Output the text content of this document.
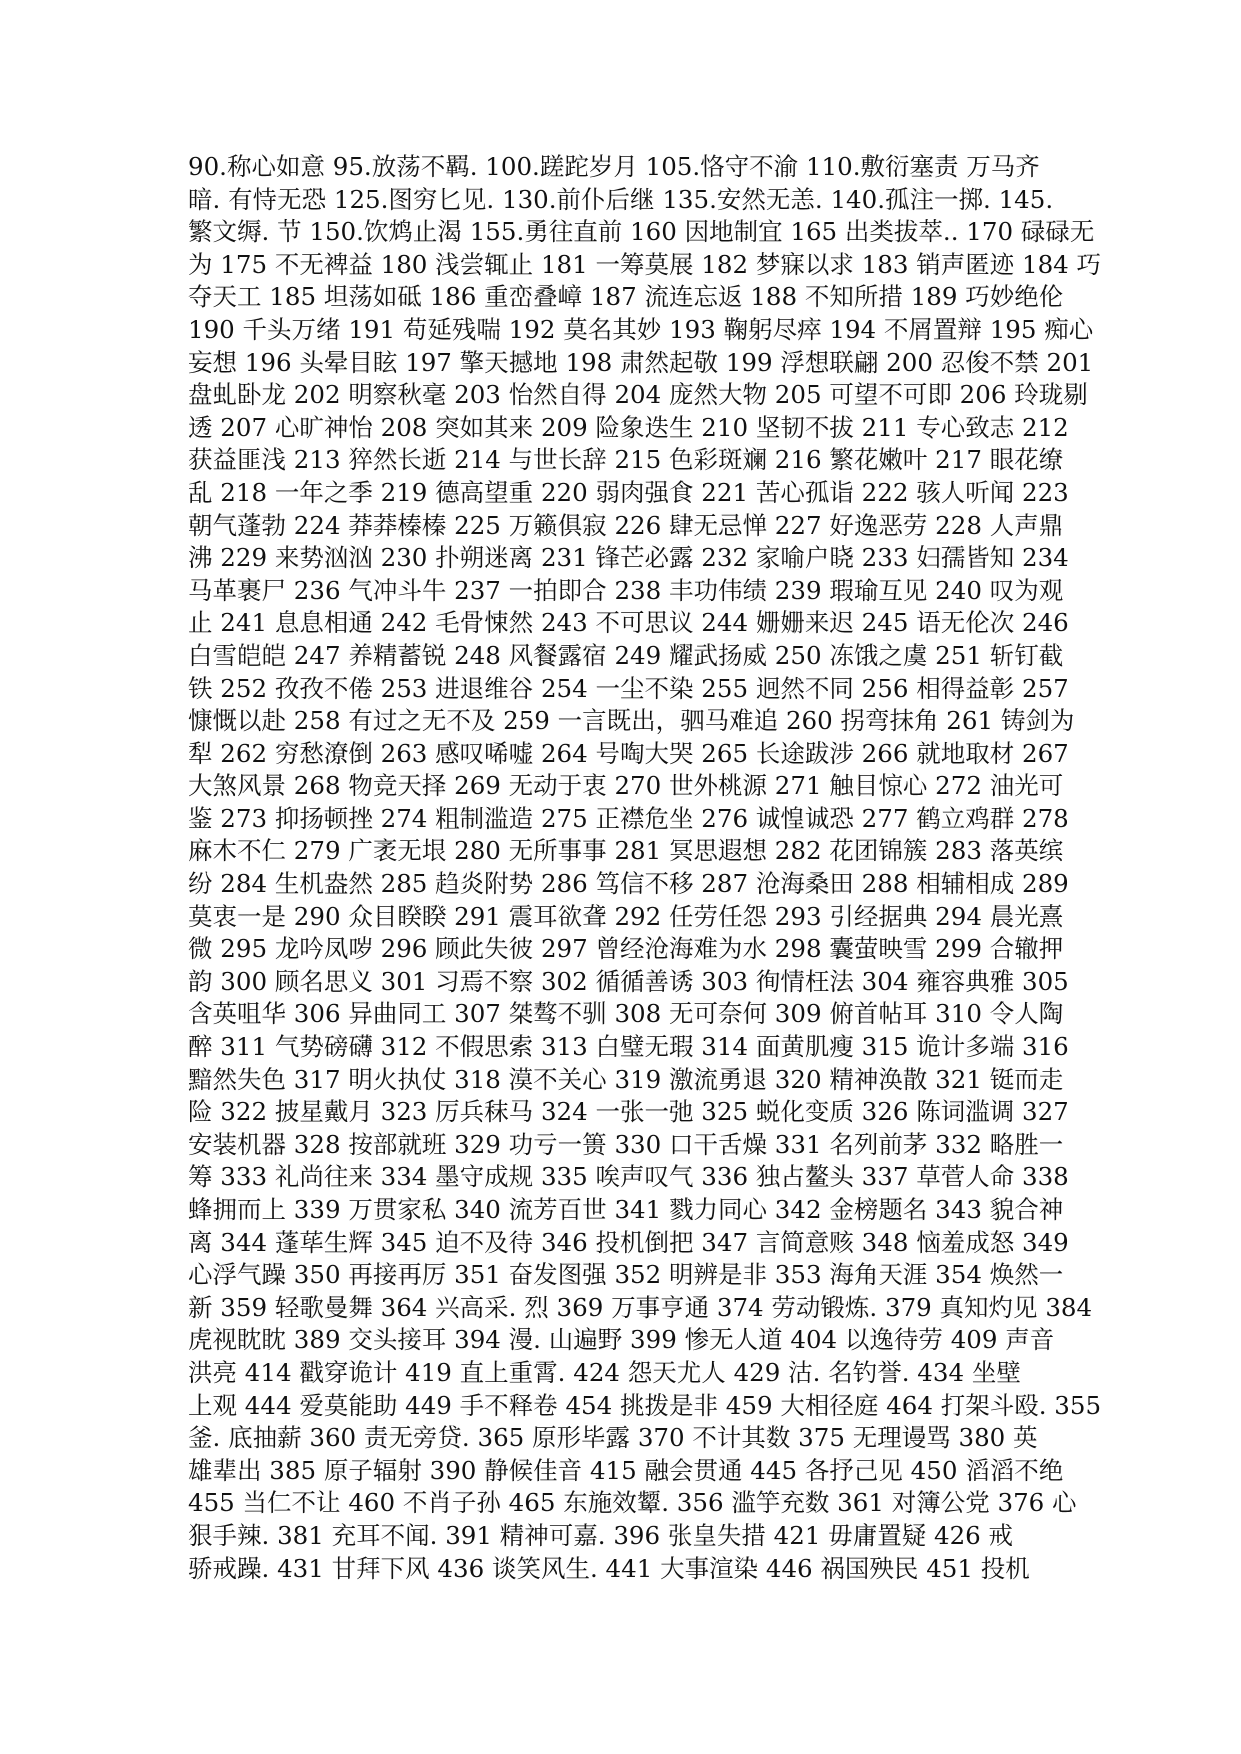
90.称心如意 95.放荡不羁. 100.蹉跎岁月 105.恪守不渝 110.敷衍塞责 万马齐
暗. 有恃无恐 125.图穷匕见. 130.前仆后继 135.安然无恙. 140.孤注一掷. 145.
繁文缛. 节 150.饮鸩止渴 155.勇往直前 160 因地制宜 165 出类拔萃.. 170 碌碌无
为 175 不无裨益 180 浅尝辄止 181 一筹莫展 182 梦寐以求 183 销声匿迹 184 巧
夺天工 185 坦荡如砥 186 重峦叠嶂 187 流连忘返 188 不知所措 189 巧妙绝伦
190 千头万绪 191 苟延残喘 192 莫名其妙 193 鞠躬尽瘁 194 不屑置辩 195 痴心
妄想 196 头晕目眩 197 擎天撼地 198 肃然起敬 199 浮想联翩 200 忍俊不禁 201
盘虬卧龙 202 明察秋毫 203 怡然自得 204 庞然大物 205 可望不可即 206 玲珑剔
透 207 心旷神怡 208 突如其来 209 险象迭生 210 坚韧不拔 211 专心致志 212
获益匪浅 213 猝然长逝 214 与世长辞 215 色彩斑斓 216 繁花嫩叶 217 眼花缭
乱 218 一年之季 219 德高望重 220 弱肉强食 221 苦心孤诣 222 骇人听闻 223
朝气蓬勃 224 莽莽榛榛 225 万籁俱寂 226 肆无忌惮 227 好逸恶劳 228 人声鼎
沸 229 来势汹汹 230 扑朔迷离 231 锋芒必露 232 家喻户晓 233 妇孺皆知 234
马革裹尸 236 气冲斗牛 237 一拍即合 238 丰功伟绩 239 瑕瑜互见 240 叹为观
止 241 息息相通 242 毛骨悚然 243 不可思议 244 姗姗来迟 245 语无伦次 246
白雪皑皑 247 养精蓄锐 248 风餐露宿 249 耀武扬威 250 冻饿之虞 251 斩钉截
铁 252 孜孜不倦 253 进退维谷 254 一尘不染 255 迥然不同 256 相得益彰 257
慷慨以赴 258 有过之无不及 259 一言既出，驷马难追 260 拐弯抹角 261 铸剑为
犁 262 穷愁潦倒 263 感叹唏嘘 264 号啕大哭 265 长途跋涉 266 就地取材 267
大煞风景 268 物竞天择 269 无动于衷 270 世外桃源 271 触目惊心 272 油光可
鉴 273 抑扬顿挫 274 粗制滥造 275 正襟危坐 276 诚惶诚恐 277 鹤立鸡群 278
麻木不仁 279 广袤无垠 280 无所事事 281 冥思遐想 282 花团锦簇 283 落英缤
纷 284 生机盎然 285 趋炎附势 286 笃信不移 287 沧海桑田 288 相辅相成 289
莫衷一是 290 众目睽睽 291 震耳欲聋 292 任劳任怨 293 引经据典 294 晨光熹
微 295 龙吟凤哕 296 顾此失彼 297 曾经沧海难为水 298 囊萤映雪 299 合辙押
韵 300 顾名思义 301 习焉不察 302 循循善诱 303 徇情枉法 304 雍容典雅 305
含英咀华 306 异曲同工 307 桀骜不驯 308 无可奈何 309 俯首帖耳 310 令人陶
醉 311 气势磅礴 312 不假思索 313 白璧无瑕 314 面黄肌瘦 315 诡计多端 316
黯然失色 317 明火执仗 318 漠不关心 319 激流勇退 320 精神涣散 321 铤而走
险 322 披星戴月 323 厉兵秣马 324 一张一弛 325 蜕化变质 326 陈词滥调 327
安装机器 328 按部就班 329 功亏一篑 330 口干舌燥 331 名列前茅 332 略胜一
筹 333 礼尚往来 334 墨守成规 335 唉声叹气 336 独占鳌头 337 草菅人命 338
蜂拥而上 339 万贯家私 340 流芳百世 341 戮力同心 342 金榜题名 343 貌合神
离 344 蓬荜生辉 345 迫不及待 346 投机倒把 347 言简意赅 348 恼羞成怒 349
心浮气躁 350 再接再厉 351 奋发图强 352 明辨是非 353 海角天涯 354 焕然一
新 359 轻歌曼舞 364 兴高采. 烈 369 万事亨通 374 劳动锻炼. 379 真知灼见 384
虎视眈眈 389 交头接耳 394 漫. 山遍野 399 惨无人道 404 以逸待劳 409 声音
洪亮 414 戳穿诡计 419 直上重霄. 424 怨天尤人 429 沽. 名钓誉. 434 坐壁
上观 444 爱莫能助 449 手不释卷 454 挑拨是非 459 大相径庭 464 打架斗殴. 355
釜. 底抽薪 360 责无旁贷. 365 原形毕露 370 不计其数 375 无理谩骂 380 英
雄辈出 385 原子辐射 390 静候佳音 415 融会贯通 445 各抒己见 450 滔滔不绝
455 当仁不让 460 不肖子孙 465 东施效颦. 356 滥竽充数 361 对簿公党 376 心
狠手辣. 381 充耳不闻. 391 精神可嘉. 396 张皇失措 421 毋庸置疑 426 戒
骄戒躁. 431 甘拜下风 436 谈笑风生. 441 大事渲染 446 祸国殃民 451 投机
